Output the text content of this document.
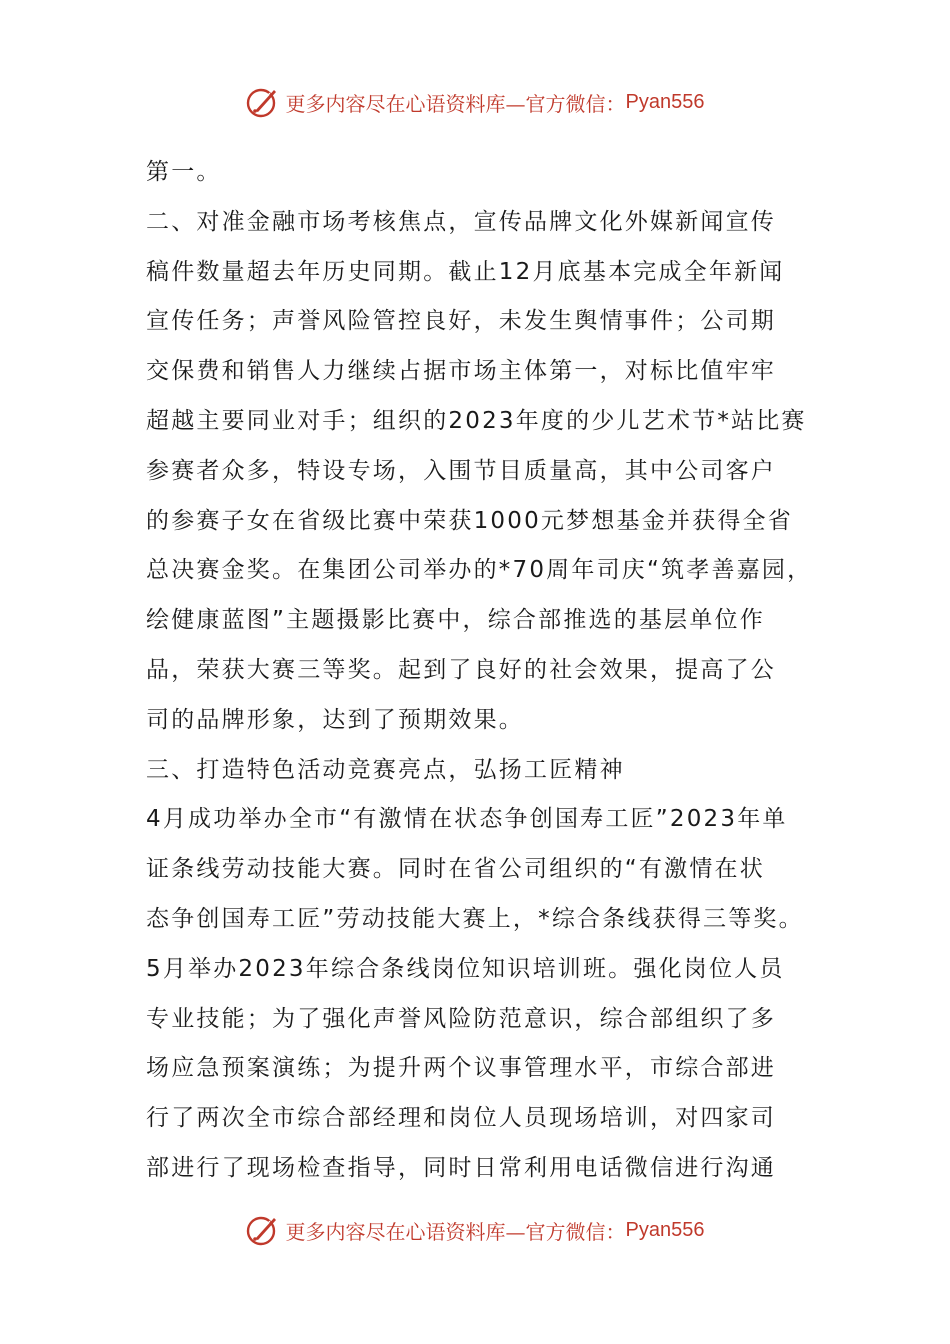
更多内容尽在心语资料库—官方微信： Pyan556
第一。
二、对准金融市场考核焦点，宣传品牌文化外媒新闻宣传
稿件数量超去年历史同期。截止12月底基本完成全年新闻
宣传任务；声誉风险管控良好，未发生舆情事件；公司期
交保费和销售人力继续占据市场主体第一，对标比值牢牢
超越主要同业对手；组织的2023年度的少儿艺术节*站比赛
参赛者众多，特设专场，入围节目质量高，其中公司客户
的参赛子女在省级比赛中荣获1000元梦想基金并获得全省
总决赛金奖。在集团公司举办的*70周年司庆“筑孝善嘉园，
绘健康蓝图”主题摄影比赛中，综合部推选的基层单位作
品，荣获大赛三等奖。起到了良好的社会效果，提高了公
司的品牌形象，达到了预期效果。
三、打造特色活动竞赛亮点，弘扬工匠精神
4月成功举办全市“有激情在状态争创国寿工匠”2023年单
证条线劳动技能大赛。同时在省公司组织的“有激情在状
态争创国寿工匠”劳动技能大赛上，*综合条线获得三等奖。
5月举办2023年综合条线岗位知识培训班。强化岗位人员
专业技能；为了强化声誉风险防范意识，综合部组织了多
场应急预案演练；为提升两个议事管理水平，市综合部进
行了两次全市综合部经理和岗位人员现场培训，对四家司
部进行了现场检查指导，同时日常利用电话微信进行沟通
更多内容尽在心语资料库—官方微信： Pyan556
